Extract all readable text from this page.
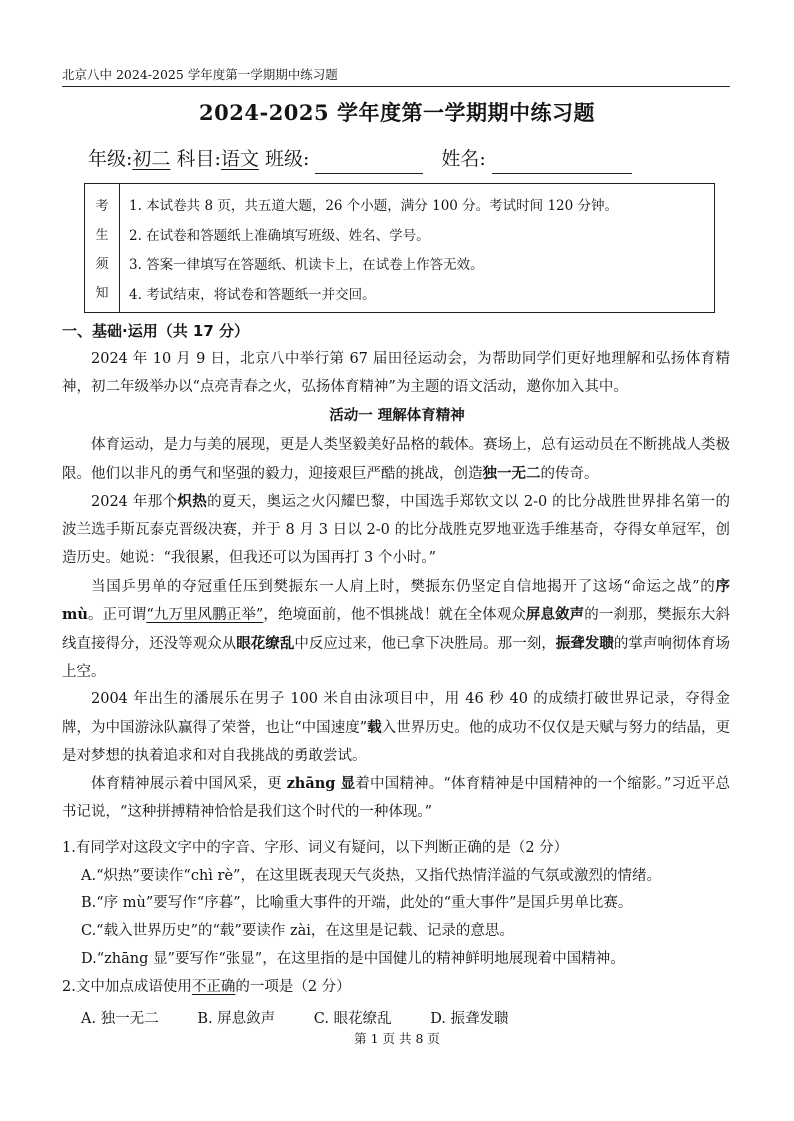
北京八中 2024-2025 学年度第一学期期中练习题
2024-2025 学年度第一学期期中练习题
年级:初二 科目:语文 班级:	姓名:
考
生
须
知
1. 本试卷共 8 页，共五道大题，26 个小题，满分 100 分。考试时间 120 分钟。
2. 在试卷和答题纸上准确填写班级、姓名、学号。
3. 答案一律填写在答题纸、机读卡上，在试卷上作答无效。
4. 考试结束，将试卷和答题纸一并交回。
一、基础·运用（共 17 分）

2024 年 10 月 9 日，北京八中举行第 67 届田径运动会，为帮助同学们更好地理解和弘扬体育精神，初二年级举办以“点亮青春之火，弘扬体育精神”为主题的语文活动，邀你加入其中。

活动一 理解体育精神

体育运动，是力与美的展现，更是人类坚毅美好品格的载体。赛场上，总有运动员在不断挑战人类极限。他们以非凡的勇气和坚强的毅力，迎接艰巨严酷的挑战，创造独一无二的传奇。

2024 年那个炽热的夏天，奥运之火闪耀巴黎，中国选手郑钦文以 2-0 的比分战胜世界排名第一的波兰选手斯瓦泰克晋级决赛，并于 8 月 3 日以 2-0 的比分战胜克罗地亚选手维基奇，夺得女单冠军，创造历史。她说：“我很累，但我还可以为国再打 3 个小时。”

当国乒男单的夺冠重任压到樊振东一人肩上时，樊振东仍坚定自信地揭开了这场“命运之战”的序 mù。正可谓“九万里风鹏正举”，绝境面前，他不惧挑战！就在全体观众屏息敛声的一刹那，樊振东大斜线直接得分，还没等观众从眼花缭乱中反应过来，他已拿下决胜局。那一刻，振聋发聩的掌声响彻体育场上空。

2004 年出生的潘展乐在男子 100 米自由泳项目中，用 46 秒 40 的成绩打破世界记录，夺得金牌，为中国游泳队赢得了荣誉，也让“中国速度”载入世界历史。他的成功不仅仅是天赋与努力的结晶，更是对梦想的执着追求和对自我挑战的勇敢尝试。

体育精神展示着中国风采，更 zhāng 显着中国精神。“体育精神是中国精神的一个缩影。”习近平总书记说，“这种拼搏精神恰恰是我们这个时代的一种体现。”

1.有同学对这段文字中的字音、字形、词义有疑问，以下判断正确的是（2 分）

A.“炽热”要读作“chì rè”，在这里既表现天气炎热，又指代热情洋溢的气氛或激烈的情绪。
B.“序 mù”要写作“序暮”，比喻重大事件的开端，此处的“重大事件”是国乒男单比赛。
C.“载入世界历史”的“载”要读作 zài，在这里是记载、记录的意思。
D.“zhāng 显”要写作“张显”，在这里指的是中国健儿的精神鲜明地展现着中国精神。

2.文中加点成语使用不正确的一项是（2 分）

A. 独一无二	B. 屏息敛声	C. 眼花缭乱	D. 振聋发聩
第 1 页 共 8 页
